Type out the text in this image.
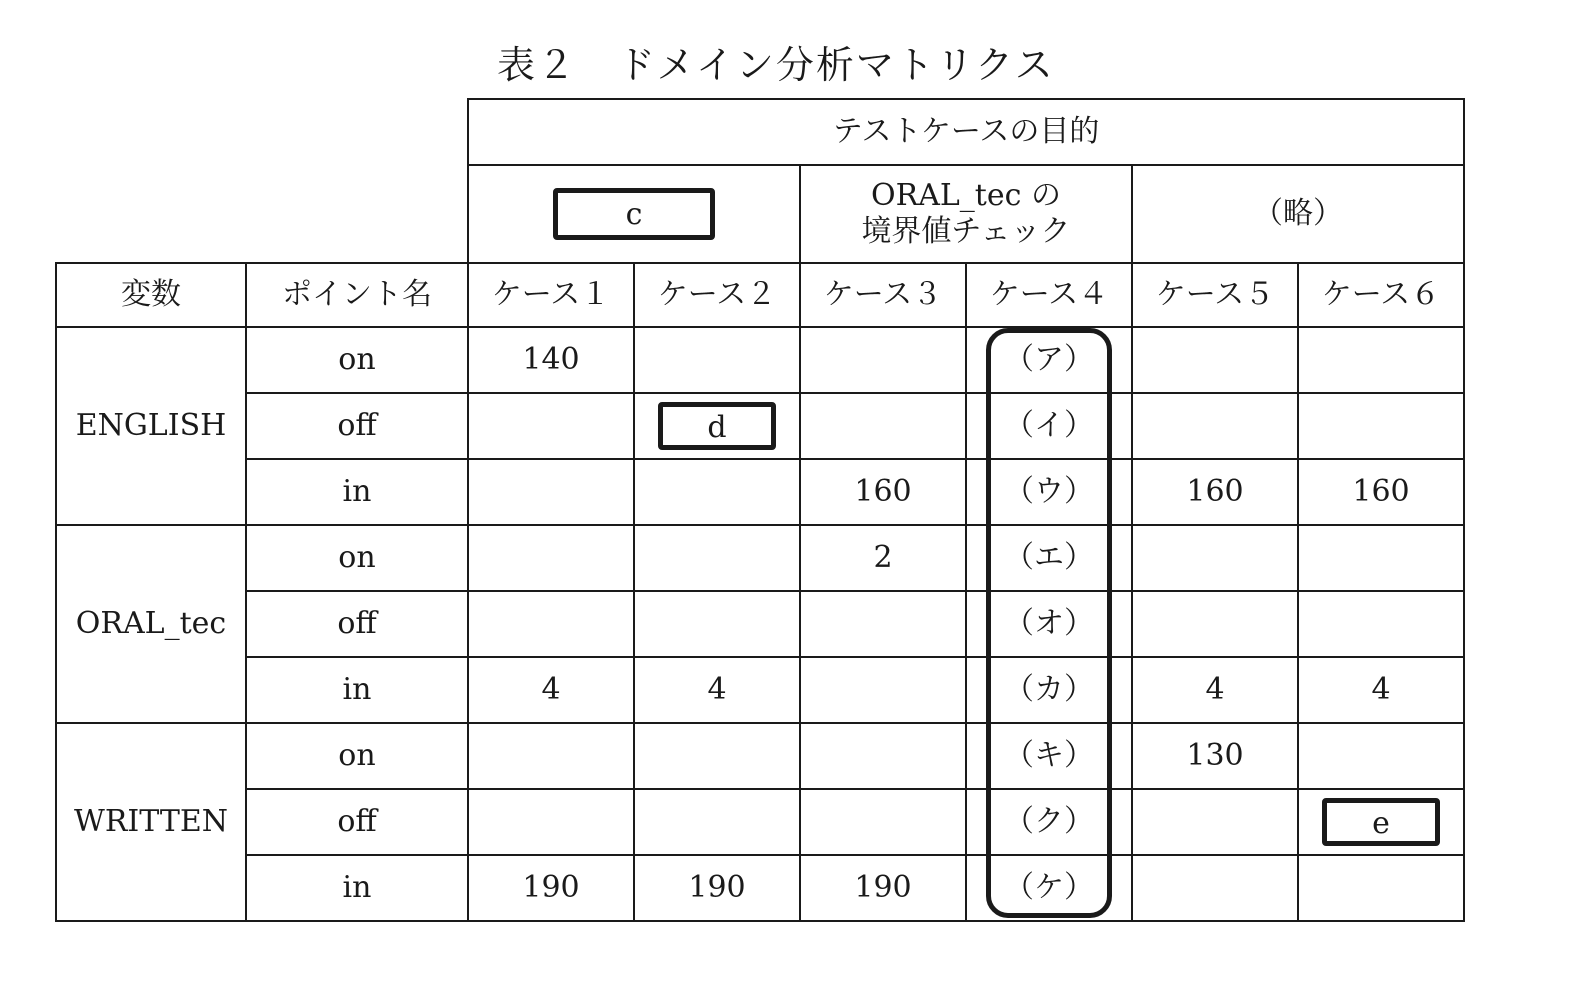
表２　ドメイン分析マトリクス
		テストケースの目的					
		c		ORAL_tec の
境界値チェック		（略）	
変数	ポイント名	ケース１	ケース２	ケース３	ケース４	ケース５	ケース６
ENGLISH	on	140			（ア）		
	off		d		（イ）		
	in			160	（ウ）	160	160
ORAL_tec	on			2	（エ）		
	off				（オ）		
	in	4	4		（カ）	4	4
WRITTEN	on				（キ）	130	
	off				（ク）		e
	in	190	190	190	（ケ）		
